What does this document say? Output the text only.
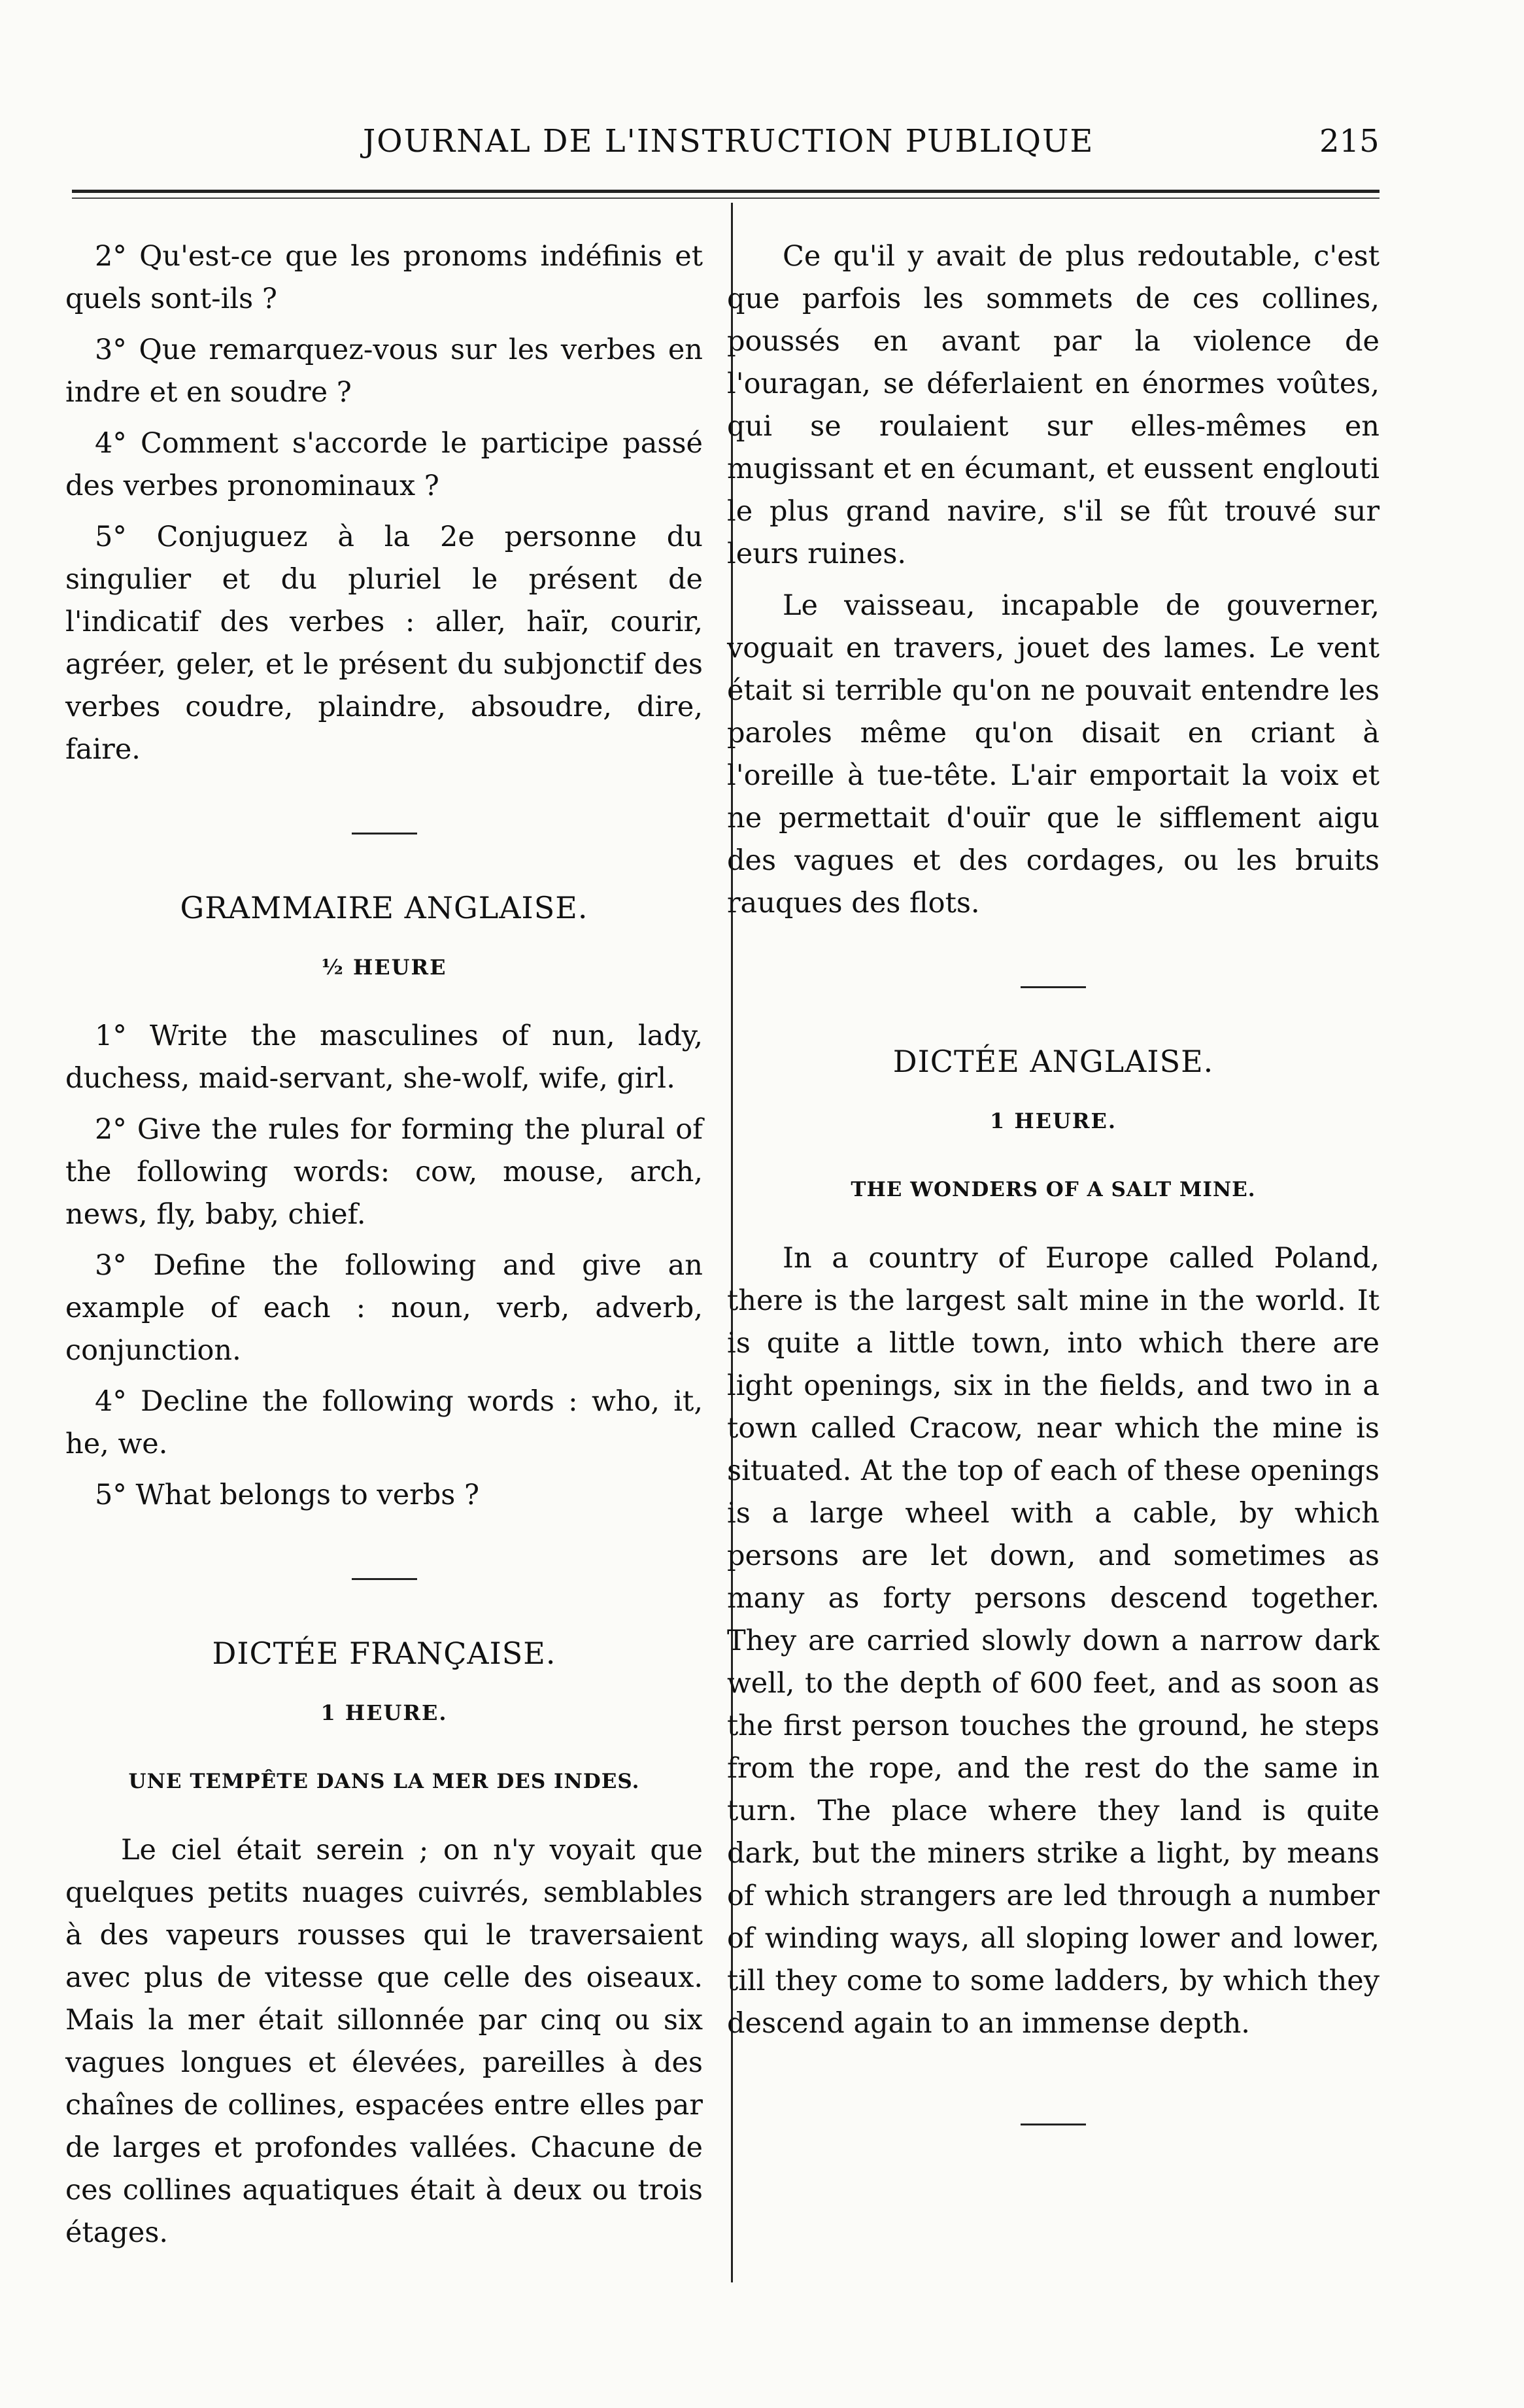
JOURNAL DE L'INSTRUCTION PUBLIQUE	215

2° Qu'est-ce que les pronoms indéfinis et quels sont-ils ?

3° Que remarquez-vous sur les verbes en indre et en soudre ?

4° Comment s'accorde le participe passé des verbes pronominaux ?

5° Conjuguez à la 2e personne du singulier et du pluriel le présent de l'indicatif des verbes : aller, haïr, courir, agréer, geler, et le présent du subjonctif des verbes coudre, plaindre, absoudre, dire, faire.

GRAMMAIRE ANGLAISE.
½ HEURE

1° Write the masculines of nun, lady, duchess, maid-servant, she-wolf, wife, girl.

2° Give the rules for forming the plural of the following words: cow, mouse, arch, news, fly, baby, chief.

3° Define the following and give an example of each : noun, verb, adverb, conjunction.

4° Decline the following words : who, it, he, we.

5° What belongs to verbs ?

DICTÉE FRANÇAISE.
1 HEURE.
UNE TEMPÊTE DANS LA MER DES INDES.

Le ciel était serein ; on n'y voyait que quelques petits nuages cuivrés, semblables à des vapeurs rousses qui le traversaient avec plus de vitesse que celle des oiseaux. Mais la mer était sillonnée par cinq ou six vagues longues et élevées, pareilles à des chaînes de collines, espacées entre elles par de larges et profondes vallées. Chacune de ces collines aquatiques était à deux ou trois étages.

Ce qu'il y avait de plus redoutable, c'est que parfois les sommets de ces collines, poussés en avant par la violence de l'ouragan, se déferlaient en énormes voûtes, qui se roulaient sur elles-mêmes en mugissant et en écumant, et eussent englouti le plus grand navire, s'il se fût trouvé sur leurs ruines.

Le vaisseau, incapable de gouverner, voguait en travers, jouet des lames. Le vent était si terrible qu'on ne pouvait entendre les paroles même qu'on disait en criant à l'oreille à tue-tête. L'air emportait la voix et ne permettait d'ouïr que le sifflement aigu des vagues et des cordages, ou les bruits rauques des flots.

DICTÉE ANGLAISE.
1 HEURE.
THE WONDERS OF A SALT MINE.

In a country of Europe called Poland, there is the largest salt mine in the world. It is quite a little town, into which there are light openings, six in the fields, and two in a town called Cracow, near which the mine is situated. At the top of each of these openings is a large wheel with a cable, by which persons are let down, and sometimes as many as forty persons descend together. They are carried slowly down a narrow dark well, to the depth of 600 feet, and as soon as the first person touches the ground, he steps from the rope, and the rest do the same in turn. The place where they land is quite dark, but the miners strike a light, by means of which strangers are led through a number of winding ways, all sloping lower and lower, till they come to some ladders, by which they descend again to an immense depth.
